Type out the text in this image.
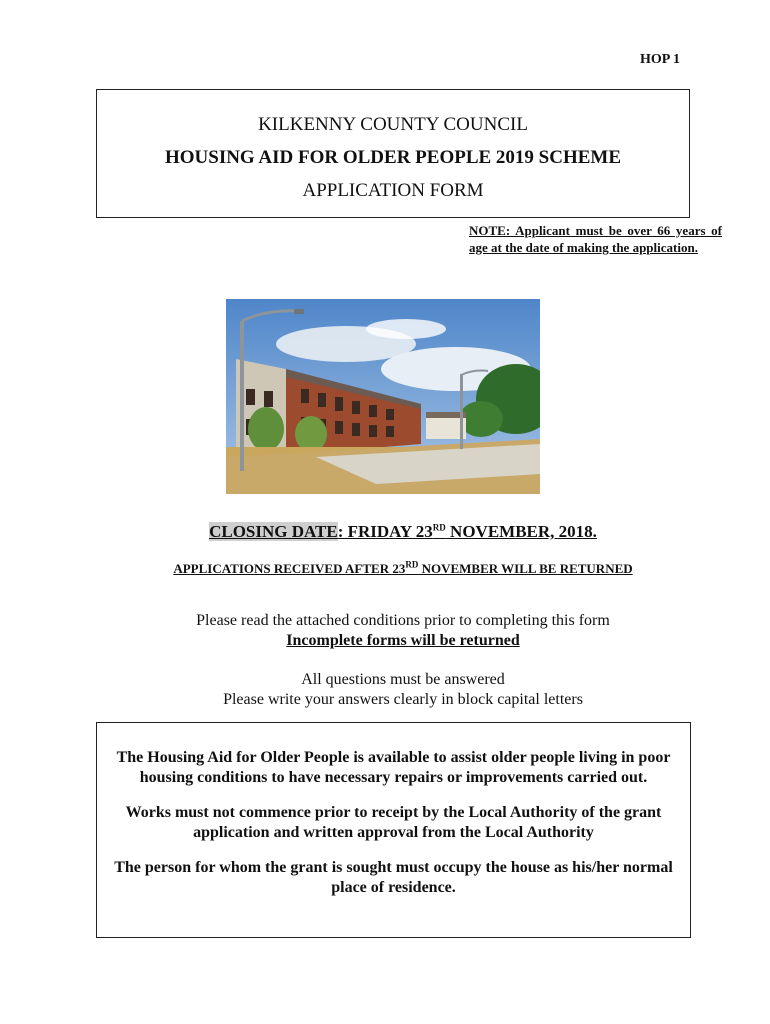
HOP 1
KILKENNY COUNTY COUNCIL
HOUSING AID FOR OLDER PEOPLE 2019 SCHEME
APPLICATION FORM
NOTE: Applicant must be over 66 years of age at the date of making the application.
CLOSING DATE: FRIDAY 23RD NOVEMBER, 2018.
APPLICATIONS RECEIVED AFTER 23RD NOVEMBER WILL BE RETURNED
Please read the attached conditions prior to completing this form
Incomplete forms will be returned
All questions must be answered
Please write your answers clearly in block capital letters

The Housing Aid for Older People is available to assist older people living in poor housing conditions to have necessary repairs or improvements carried out.

Works must not commence prior to receipt by the Local Authority of the grant application and written approval from the Local Authority

The person for whom the grant is sought must occupy the house as his/her normal place of residence.
